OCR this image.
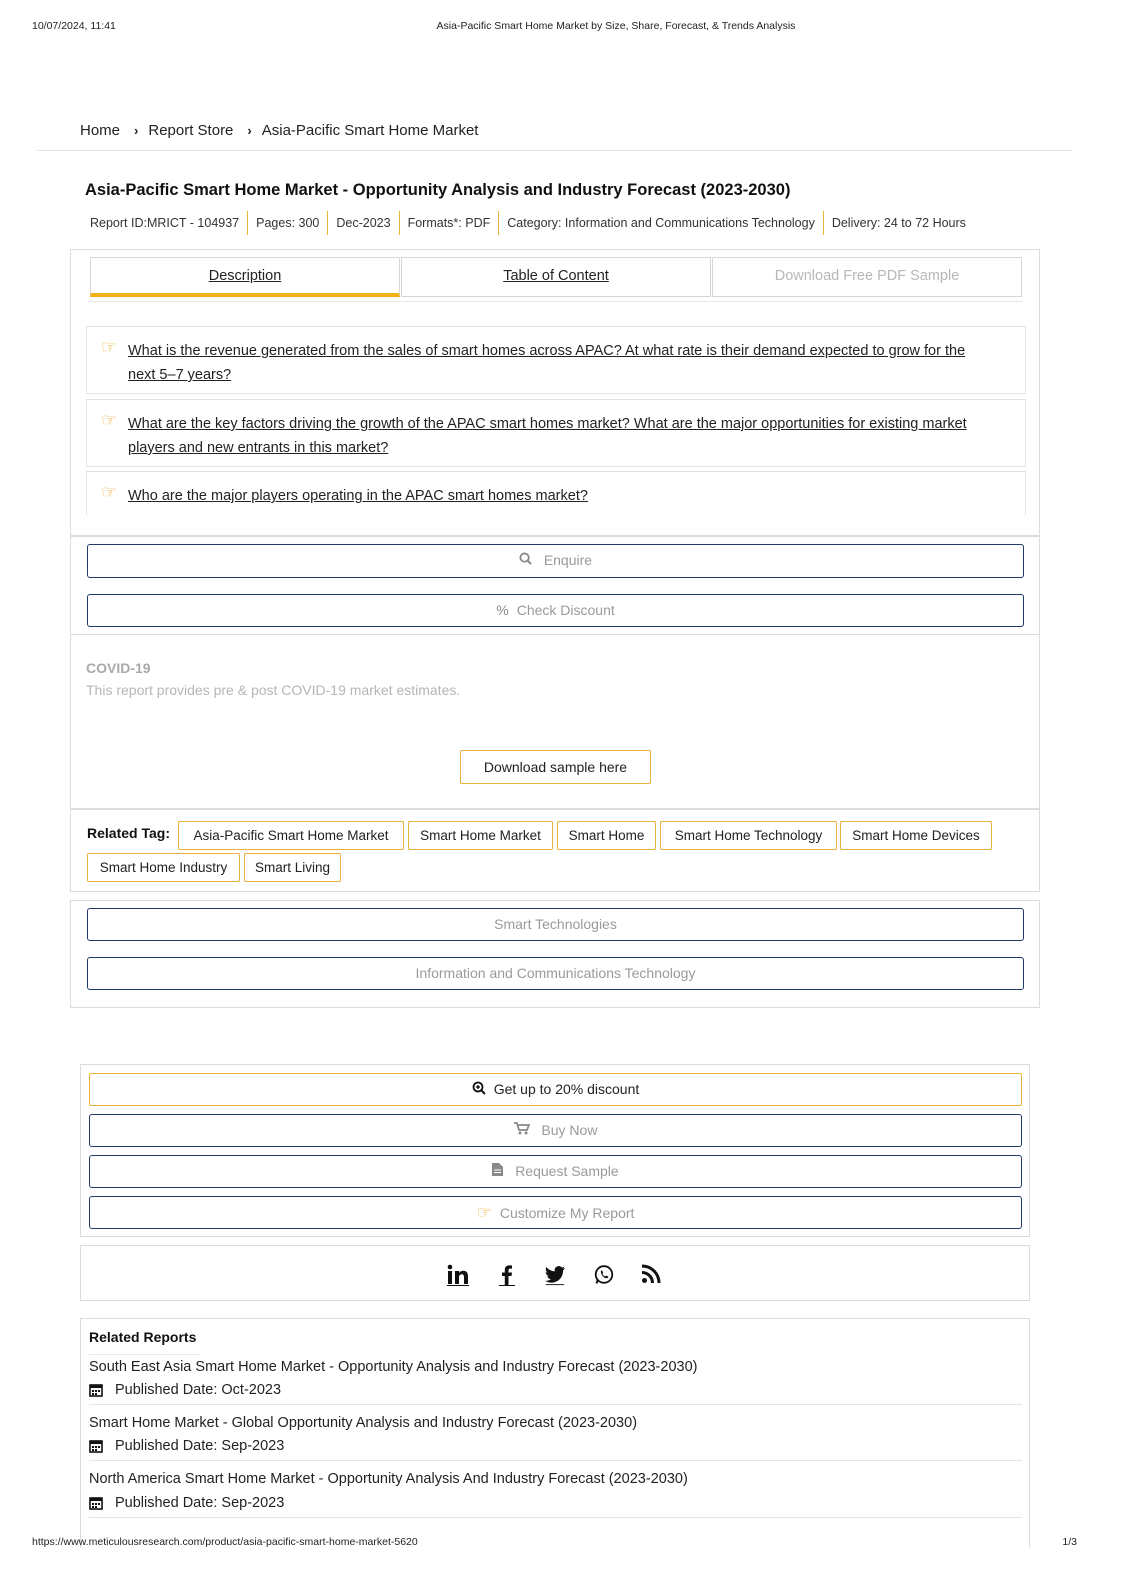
10/07/2024, 11:41	Asia-Pacific Smart Home Market by Size, Share, Forecast, & Trends Analysis
Home › Report Store › Asia-Pacific Smart Home Market
Asia-Pacific Smart Home Market - Opportunity Analysis and Industry Forecast (2023-2030)
Report ID:MRICT - 104937	Pages: 300	Dec-2023	Formats*: PDF	Category: Information and Communications Technology	Delivery: 24 to 72 Hours
Description	Table of Content	Download Free PDF Sample
☞ What is the revenue generated from the sales of smart homes across APAC? At what rate is their demand expected to grow for the next 5–7 years?
☞ What are the key factors driving the growth of the APAC smart homes market? What are the major opportunities for existing market players and new entrants in this market?
☞ Who are the major players operating in the APAC smart homes market?
Enquire
% Check Discount
COVID-19
This report provides pre & post COVID-19 market estimates.
Download sample here
Related Tag:	Asia-Pacific Smart Home Market	Smart Home Market	Smart Home	Smart Home Technology	Smart Home Devices
Smart Home Industry	Smart Living
Smart Technologies
Information and Communications Technology
Get up to 20% discount
Buy Now
Request Sample
☞ Customize My Report
Related Reports
South East Asia Smart Home Market - Opportunity Analysis and Industry Forecast (2023-2030)
Published Date: Oct-2023
Smart Home Market - Global Opportunity Analysis and Industry Forecast (2023-2030)
Published Date: Sep-2023
North America Smart Home Market - Opportunity Analysis And Industry Forecast (2023-2030)
Published Date: Sep-2023
https://www.meticulousresearch.com/product/asia-pacific-smart-home-market-5620	1/3
